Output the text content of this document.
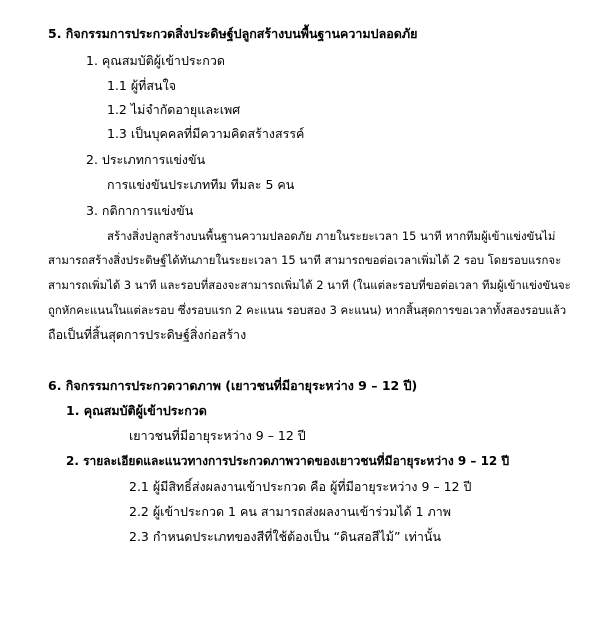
5. กิจกรรมการประกวดสิ่งประดิษฐ์ปลูกสร้างบนพื้นฐานความปลอดภัย
1. คุณสมบัติผู้เข้าประกวด
1.1 ผู้ที่สนใจ
1.2 ไม่จำกัดอายุและเพศ
1.3 เป็นบุคคลที่มีความคิดสร้างสรรค์
2. ประเภทการแข่งขัน
การแข่งขันประเภททีม ทีมละ 5 คน
3. กติกาการแข่งขัน
สร้างสิ่งปลูกสร้างบนพื้นฐานความปลอดภัย ภายในระยะเวลา 15 นาที หากทีมผู้เข้าแข่งขันไม่
สามารถสร้างสิ่งประดิษฐ์ได้ทันภายในระยะเวลา 15 นาที สามารถขอต่อเวลาเพิ่มได้ 2 รอบ โดยรอบแรกจะ
สามารถเพิ่มได้ 3 นาที และรอบที่สองจะสามารถเพิ่มได้ 2 นาที (ในแต่ละรอบที่ขอต่อเวลา ทีมผู้เข้าแข่งขันจะ
ถูกหักคะแนนในแต่ละรอบ ซึ่งรอบแรก 2 คะแนน รอบสอง 3 คะแนน) หากสิ้นสุดการขอเวลาทั้งสองรอบแล้ว
ถือเป็นที่สิ้นสุดการประดิษฐ์สิ่งก่อสร้าง
6. กิจกรรมการประกวดวาดภาพ (เยาวชนที่มีอายุระหว่าง 9 – 12 ปี)
1. คุณสมบัติผู้เข้าประกวด
เยาวชนที่มีอายุระหว่าง 9 – 12 ปี
2. รายละเอียดและแนวทางการประกวดภาพวาดของเยาวชนที่มีอายุระหว่าง 9 – 12 ปี
2.1 ผู้มีสิทธิ์ส่งผลงานเข้าประกวด คือ ผู้ที่มีอายุระหว่าง 9 – 12 ปี
2.2 ผู้เข้าประกวด 1 คน สามารถส่งผลงานเข้าร่วมได้ 1 ภาพ
2.3 กำหนดประเภทของสีที่ใช้ต้องเป็น “ดินสอสีไม้” เท่านั้น
